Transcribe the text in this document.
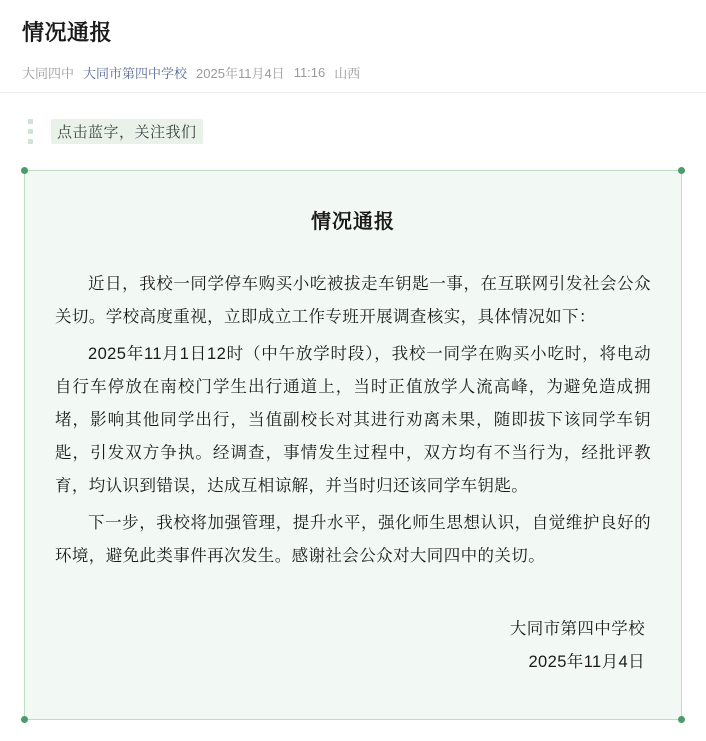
情况通报
大同四中 大同市第四中学校 2025年11月4日 11:16 山西
点击蓝字，关注我们
情况通报

近日，我校一同学停车购买小吃被拔走车钥匙一事，在互联网引发社会公众关切。学校高度重视，立即成立工作专班开展调查核实，具体情况如下：

2025年11月1日12时（中午放学时段），我校一同学在购买小吃时，将电动自行车停放在南校门学生出行通道上，当时正值放学人流高峰，为避免造成拥堵，影响其他同学出行，当值副校长对其进行劝离未果，随即拔下该同学车钥匙，引发双方争执。经调查，事情发生过程中，双方均有不当行为，经批评教育，均认识到错误，达成互相谅解，并当时归还该同学车钥匙。

下一步，我校将加强管理，提升水平，强化师生思想认识，自觉维护良好的环境，避免此类事件再次发生。感谢社会公众对大同四中的关切。

大同市第四中学校
2025年11月4日
